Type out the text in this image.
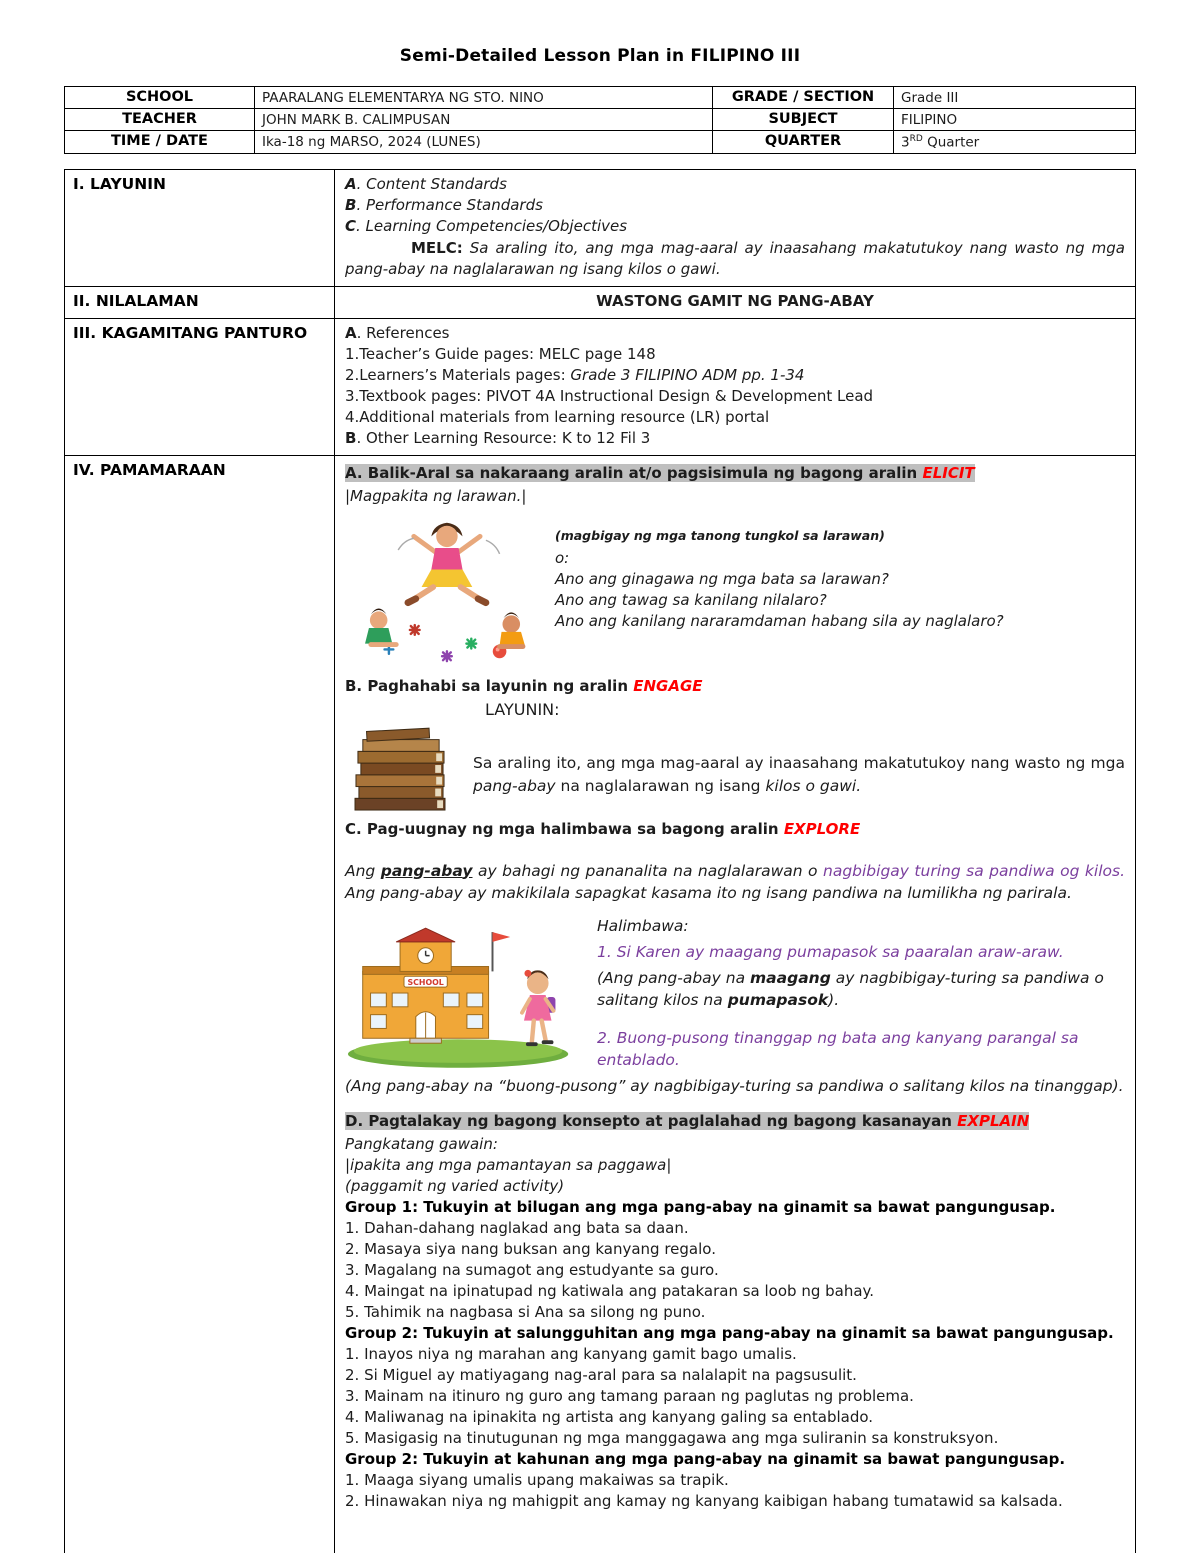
Semi-Detailed Lesson Plan in FILIPINO III
SCHOOL	PAARALANG ELEMENTARYA NG STO. NINO	GRADE / SECTION	Grade III
TEACHER	JOHN MARK B. CALIMPUSAN	SUBJECT	FILIPINO
TIME / DATE	Ika-18 ng MARSO, 2024 (LUNES)	QUARTER	3RD Quarter
I. LAYUNIN	A. Content Standards
B. Performance Standards
C. Learning Competencies/Objectives
MELC: Sa araling ito, ang mga mag-aaral ay inaasahang makatutukoy nang wasto ng mga pang-abay na naglalarawan ng isang kilos o gawi.

II. NILALAMAN	WASTONG GAMIT NG PANG-ABAY
III. KAGAMITANG PANTURO	A. References
1.Teacher’s Guide pages: MELC page 148
2.Learners’s Materials pages: Grade 3 FILIPINO ADM pp. 1-34
3.Textbook pages: PIVOT 4A Instructional Design & Development Lead
4.Additional materials from learning resource (LR) portal
B. Other Learning Resource: K to 12 Fil 3

IV. PAMAMARAAN	A. Balik-Aral sa nakaraang aralin at/o pagsisimula ng bagong aralin ELICIT
|Magpakita ng larawan.|
(magbigay ng mga tanong tungkol sa larawan)
o:
Ano ang ginagawa ng mga bata sa larawan?
Ano ang tawag sa kanilang nilalaro?
Ano ang kanilang nararamdaman habang sila ay naglalaro?
B. Paghahabi sa layunin ng aralin ENGAGE
LAYUNIN:
Sa araling ito, ang mga mag-aaral ay inaasahang makatutukoy nang wasto ng mga pang-abay na naglalarawan ng isang kilos o gawi.
C. Pag-uugnay ng mga halimbawa sa bagong aralin EXPLORE
Ang pang-abay ay bahagi ng pananalita na naglalarawan o nagbibigay turing sa pandiwa og kilos. Ang pang-abay ay makikilala sapagkat kasama ito ng isang pandiwa na lumilikha ng parirala.
SCHOOL
Halimbawa:
1. Si Karen ay maagang pumapasok sa paaralan araw-araw.
(Ang pang-abay na maagang ay nagbibigay-turing sa pandiwa o salitang kilos na pumapasok).
2. Buong-pusong tinanggap ng bata ang kanyang parangal sa entablado.
(Ang pang-abay na “buong-pusong” ay nagbibigay-turing sa pandiwa o salitang kilos na tinanggap).
D. Pagtalakay ng bagong konsepto at paglalahad ng bagong kasanayan EXPLAIN
Pangkatang gawain:
|ipakita ang mga pamantayan sa paggawa|
(paggamit ng varied activity)
Group 1: Tukuyin at bilugan ang mga pang-abay na ginamit sa bawat pangungusap.
1. Dahan-dahang naglakad ang bata sa daan.
2. Masaya siya nang buksan ang kanyang regalo.
3. Magalang na sumagot ang estudyante sa guro.
4. Maingat na ipinatupad ng katiwala ang patakaran sa loob ng bahay.
5. Tahimik na nagbasa si Ana sa silong ng puno.
Group 2: Tukuyin at salungguhitan ang mga pang-abay na ginamit sa bawat pangungusap.
1. Inayos niya ng marahan ang kanyang gamit bago umalis.
2. Si Miguel ay matiyagang nag-aral para sa nalalapit na pagsusulit.
3. Mainam na itinuro ng guro ang tamang paraan ng paglutas ng problema.
4. Maliwanag na ipinakita ng artista ang kanyang galing sa entablado.
5. Masigasig na tinutugunan ng mga manggagawa ang mga suliranin sa konstruksyon.
Group 2: Tukuyin at kahunan ang mga pang-abay na ginamit sa bawat pangungusap.
1. Maaga siyang umalis upang makaiwas sa trapik.
2. Hinawakan niya ng mahigpit ang kamay ng kanyang kaibigan habang tumatawid sa kalsada.
